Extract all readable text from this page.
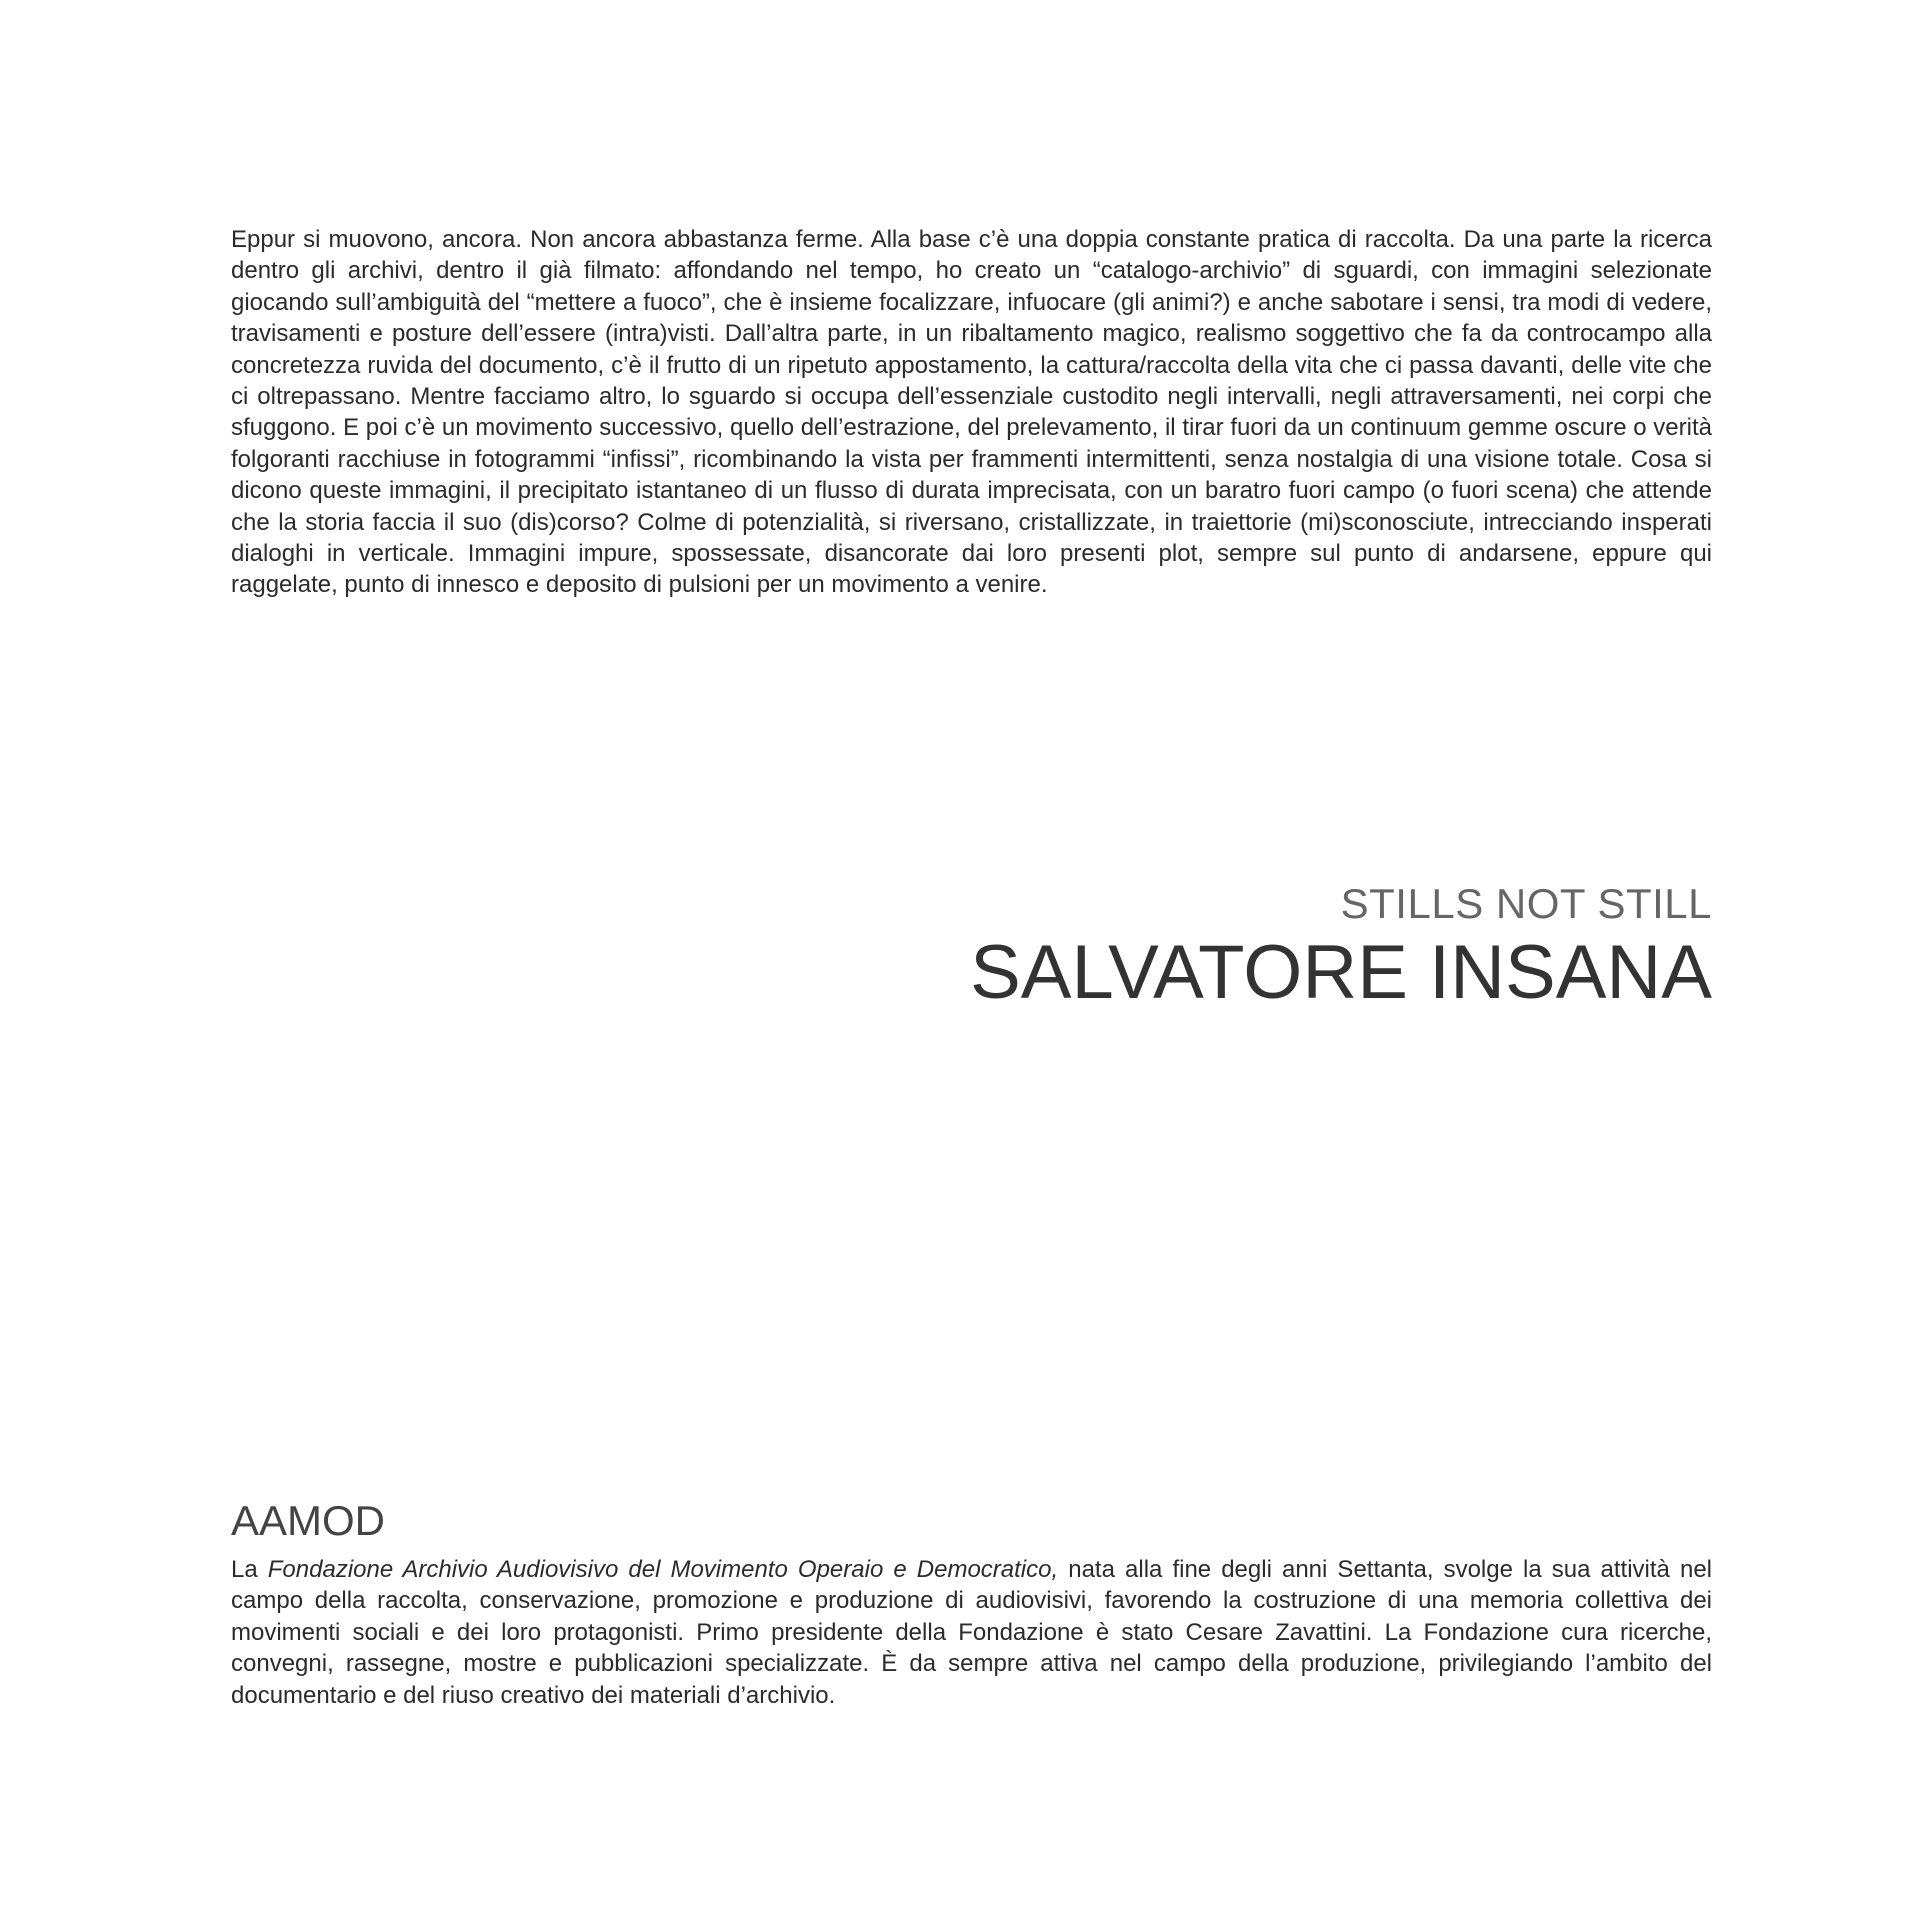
Eppur si muovono, ancora. Non ancora abbastanza ferme. Alla base c’è una doppia constante pratica di raccolta. Da una parte la ricerca dentro gli archivi, dentro il già filmato: affondando nel tempo, ho creato un “catalogo-archivio” di sguardi, con immagini selezionate giocando sull’ambiguità del “mettere a fuoco”, che è insieme focalizzare, infuocare (gli animi?) e anche sabotare i sensi, tra modi di vedere, travisamenti e posture dell’essere (intra)visti. Dall’altra parte, in un ribaltamento magico, realismo soggettivo che fa da controcampo alla concretezza ruvida del documento, c’è il frutto di un ripetuto appostamento, la cattura/raccolta della vita che ci passa davanti, delle vite che ci oltrepassano. Mentre facciamo altro, lo sguardo si occupa dell’essenziale custodito negli intervalli, negli attraversamenti, nei corpi che sfuggono. E poi c’è un movimento successivo, quello dell’estrazione, del prelevamento, il tirar fuori da un continuum gemme oscure o verità folgoranti racchiuse in fotogrammi “infissi”, ricombinando la vista per frammenti intermittenti, senza nostalgia di una visione totale. Cosa si dicono queste immagini, il precipitato istantaneo di un flusso di durata imprecisata, con un baratro fuori campo (o fuori scena) che attende che la storia faccia il suo (dis)corso? Colme di potenzialità, si riversano, cristallizzate, in traiettorie (mi)sconosciute, intrecciando insperati dialoghi in verticale. Immagini impure, spossessate, disancorate dai loro presenti plot, sempre sul punto di andarsene, eppure qui raggelate, punto di innesco e deposito di pulsioni per un movimento a venire.

STILLS NOT STILL
SALVATORE INSANA
AAMOD

La Fondazione Archivio Audiovisivo del Movimento Operaio e Democratico, nata alla fine degli anni Settanta, svolge la sua attività nel campo della raccolta, conservazione, promozione e produzione di audiovisivi, favorendo la costruzione di una memoria collettiva dei movimenti sociali e dei loro protagonisti. Primo presidente della Fondazione è stato Cesare Zavattini. La Fondazione cura ricerche, convegni, rassegne, mostre e pubblicazioni specializzate. È da sempre attiva nel campo della produzione, privilegiando l’ambito del documentario e del riuso creativo dei materiali d’archivio.
